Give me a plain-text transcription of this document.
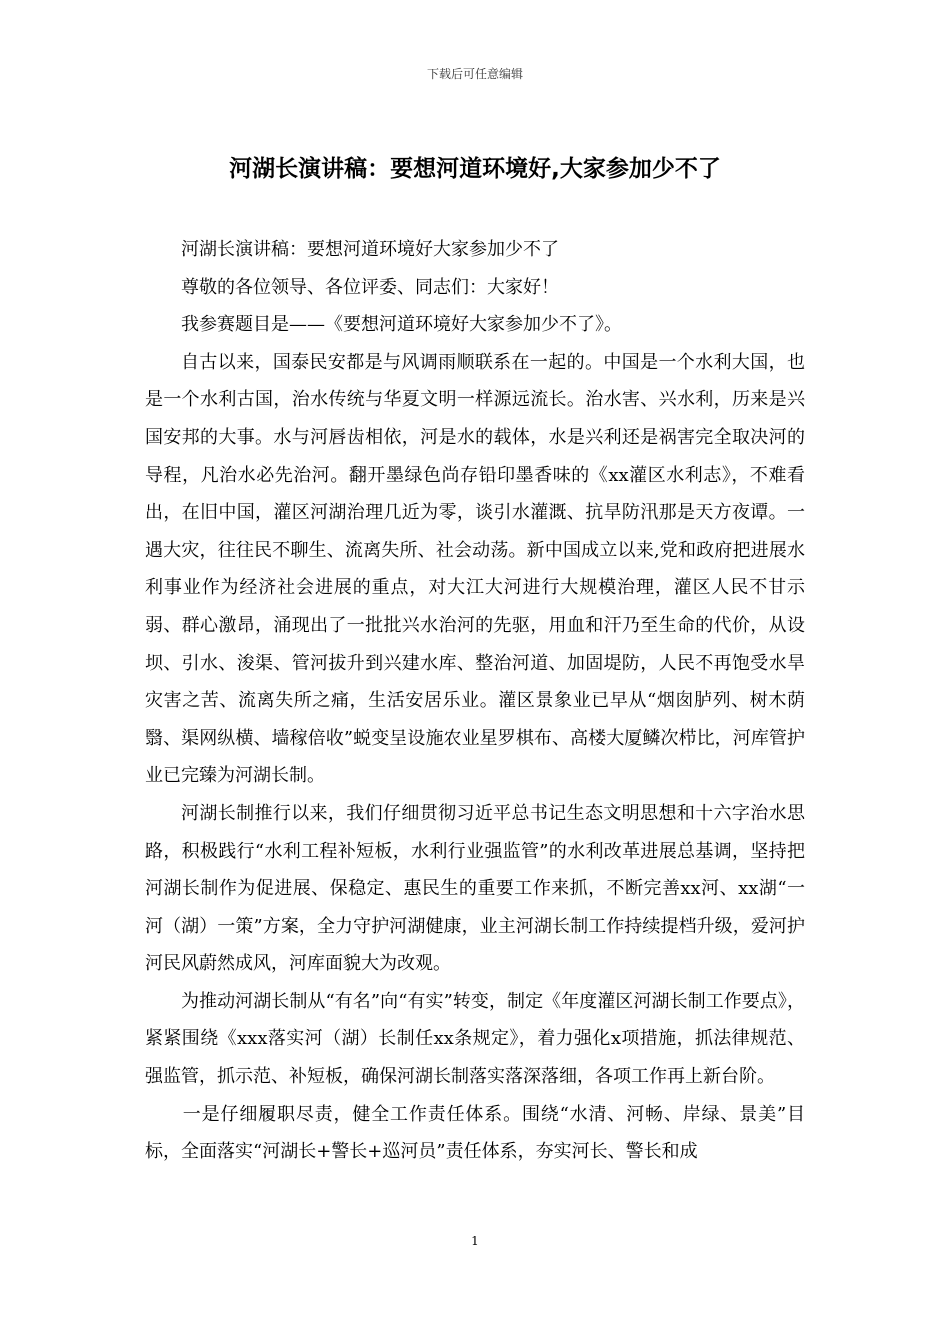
下载后可任意编辑
河湖长演讲稿：要想河道环境好,大家参加少不了

河湖长演讲稿：要想河道环境好大家参加少不了

尊敬的各位领导、各位评委、同志们：大家好！

我参赛题目是——《要想河道环境好大家参加少不了》。

自古以来，国泰民安都是与风调雨顺联系在一起的。中国是一个水利大国，也是一个水利古国，治水传统与华夏文明一样源远流长。治水害、兴水利，历来是兴国安邦的大事。水与河唇齿相依，河是水的载体，水是兴利还是祸害完全取决河的导程，凡治水必先治河。翻开墨绿色尚存铅印墨香味的《xx灌区水利志》，不难看出，在旧中国，灌区河湖治理几近为零，谈引水灌溉、抗旱防汛那是天方夜谭。一遇大灾，往往民不聊生、流离失所、社会动荡。新中国成立以来,党和政府把进展水利事业作为经济社会进展的重点，对大江大河进行大规模治理，灌区人民不甘示弱、群心激昂，涌现出了一批批兴水治河的先驱，用血和汗乃至生命的代价，从设坝、引水、浚渠、管河拔升到兴建水库、整治河道、加固堤防，人民不再饱受水旱灾害之苦、流离失所之痛，生活安居乐业。灌区景象业已早从“烟囱胪列、树木荫翳、渠网纵横、墙稼倍收”蜕变呈设施农业星罗棋布、高楼大厦鳞次栉比，河库管护业已完臻为河湖长制。

河湖长制推行以来，我们仔细贯彻习近平总书记生态文明思想和十六字治水思路，积极践行“水利工程补短板，水利行业强监管”的水利改革进展总基调，坚持把河湖长制作为促进展、保稳定、惠民生的重要工作来抓，不断完善xx河、xx湖“一河（湖）一策”方案，全力守护河湖健康，业主河湖长制工作持续提档升级，爱河护河民风蔚然成风，河库面貌大为改观。

为推动河湖长制从“有名”向“有实”转变，制定《年度灌区河湖长制工作要点》，紧紧围绕《xxx落实河（湖）长制任xx条规定》，着力强化x项措施，抓法律规范、强监管，抓示范、补短板，确保河湖长制落实落深落细，各项工作再上新台阶。

一是仔细履职尽责，健全工作责任体系。围绕“水清、河畅、岸绿、景美”目标，全面落实“河湖长+警长+巡河员”责任体系，夯实河长、警长和成

1
